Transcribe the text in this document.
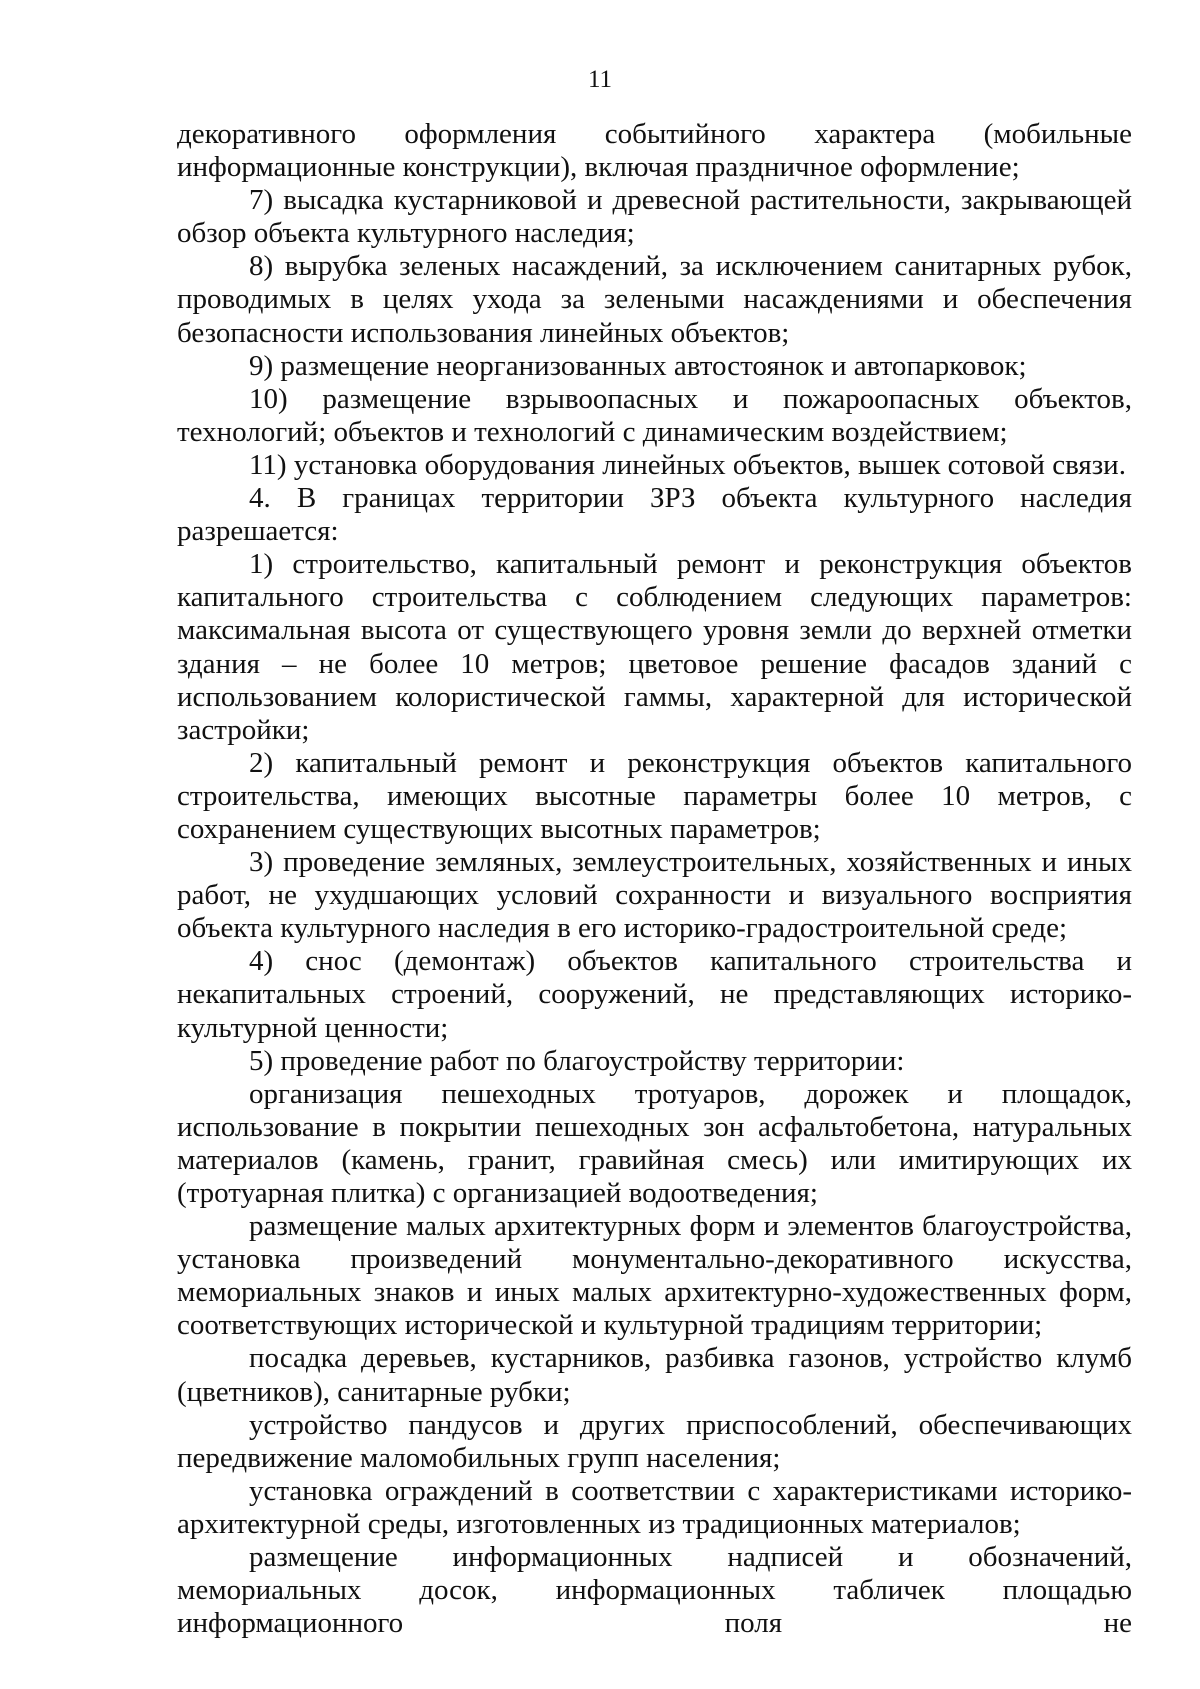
11

декоративного оформления событийного характера (мобильные информационные конструкции), включая праздничное оформление;

7) высадка кустарниковой и древесной растительности, закрывающей обзор объекта культурного наследия;

8) вырубка зеленых насаждений, за исключением санитарных рубок, проводимых в целях ухода за зелеными насаждениями и обеспечения безопасности использования линейных объектов;

9) размещение неорганизованных автостоянок и автопарковок;

10) размещение взрывоопасных и пожароопасных объектов, технологий; объектов и технологий с динамическим воздействием;

11) установка оборудования линейных объектов, вышек сотовой связи.

4. В границах территории ЗРЗ объекта культурного наследия разрешается:

1) строительство, капитальный ремонт и реконструкция объектов капитального строительства с соблюдением следующих параметров: максимальная высота от существующего уровня земли до верхней отметки здания – не более 10 метров; цветовое решение фасадов зданий с использованием колористической гаммы, характерной для исторической застройки;

2) капитальный ремонт и реконструкция объектов капитального строительства, имеющих высотные параметры более 10 метров, с сохранением существующих высотных параметров;

3) проведение земляных, землеустроительных, хозяйственных и иных работ, не ухудшающих условий сохранности и визуального восприятия объекта культурного наследия в его историко-градостроительной среде;

4) снос (демонтаж) объектов капитального строительства и некапитальных строений, сооружений, не представляющих историко-культурной ценности;

5) проведение работ по благоустройству территории:

организация пешеходных тротуаров, дорожек и площадок, использование в покрытии пешеходных зон асфальтобетона, натуральных материалов (камень, гранит, гравийная смесь) или имитирующих их (тротуарная плитка) с организацией водоотведения;

размещение малых архитектурных форм и элементов благоустройства, установка произведений монументально-декоративного искусства, мемориальных знаков и иных малых архитектурно-художественных форм, соответствующих исторической и культурной традициям территории;

посадка деревьев, кустарников, разбивка газонов, устройство клумб (цветников), санитарные рубки;

устройство пандусов и других приспособлений, обеспечивающих передвижение маломобильных групп населения;

установка ограждений в соответствии с характеристиками историко-архитектурной среды, изготовленных из традиционных материалов;

размещение информационных надписей и обозначений, мемориальных досок, информационных табличек площадью информационного поля не
